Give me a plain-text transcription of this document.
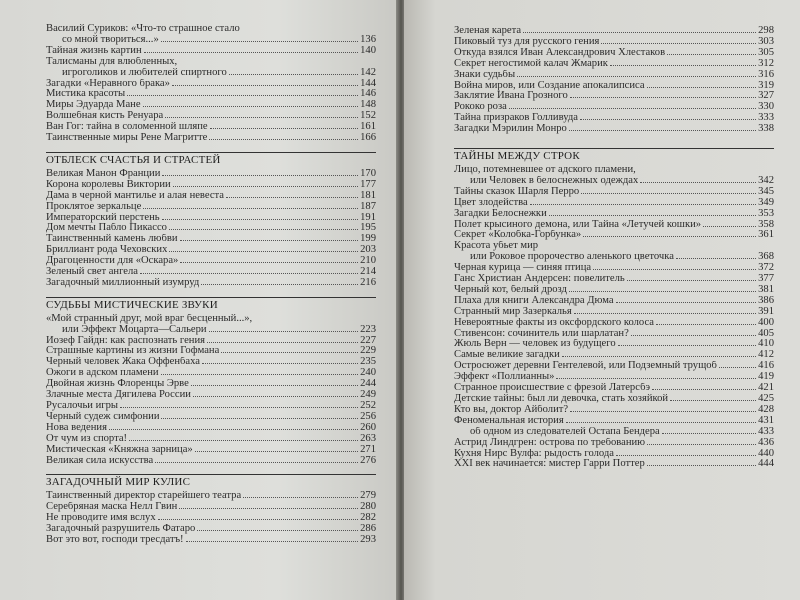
Василий Суриков: «Что-то страшное стало
со мной твориться...»	136
Тайная жизнь картин	140
Талисманы для влюбленных,
игроголиков и любителей спиртного	142
Загадки «Неравного брака»	144
Мистика красоты	146
Миры Эдуарда Мане	148
Волшебная кисть Ренуара	152
Ван Гог: тайна в соломенной шляпе	161
Таинственные миры Рене Магритте	166
ОТБЛЕСК СЧАСТЬЯ И СТРАСТЕЙ
Великая Манон Франции	170
Корона королевы Виктории	177
Дама в черной мантилье и алая невеста	181
Проклятое зеркальце	187
Императорский перстень	191
Дом мечты Пабло Пикассо	195
Таинственный камень любви	199
Бриллиант рода Чеховских	203
Драгоценности для «Оскара»	210
Зеленый свет ангела	214
Загадочный миллионный изумруд	216
СУДЬБЫ МИСТИЧЕСКИЕ ЗВУКИ
«Мой странный друг, мой враг бесценный...»,
или Эффект Моцарта—Сальери	223
Йозеф Гайдн: как распознать гения	227
Страшные картины из жизни Гофмана	229
Черный человек Жака Оффенбаха	235
Ожоги в адском пламени	240
Двойная жизнь Флоренцы Эрве	244
Злачные места Дягилева России	249
Русалочьи игры	252
Черный судеж симфонии	256
Нова ведения	260
От чум из спорта!	263
Мистическая «Княжна зарница»	271
Великая сила искусства	276
ЗАГАДОЧНЫЙ МИР КУЛИС
Таинственный директор старейшего театра	279
Серебряная маска Нелл Гвин	280
Не проводите имя вслух	282
Загадочный разрушитель Фатаро	286
Вот это вот, господи тресдатъ!	293
Зеленая карета	298
Пиковый туз для русского гения	303
Откуда взялся Иван Александрович Хлестаков	305
Секрет негостимой калач Жмарик	312
Знаки судьбы	316
Война миров, или Создание апокалипсиса	319
Заклятие Ивана Грозного	327
Рококо роза	330
Тайна призраков Голливуда	333
Загадки Мэрилин Монро	338
ТАЙНЫ МЕЖДУ СТРОК
Лицо, потемневшее от адского пламени,
или Человек в белоснежных одеждах	342
Тайны сказок Шарля Перро	345
Цвет злодейства	349
Загадки Белоснежки	353
Полет крысиного демона, или Тайна «Летучей кошки»	358
Секрет «Колобка-Горбунка»	361
Красота убьет мир
или Роковое пророчество аленького цветочка	368
Черная курица — синяя птица	372
Ганс Христиан Андерсен: повелитель	377
Черный кот, белый дрозд	381
Плаха для книги Александра Дюма	386
Странный мир Зазеркалья	391
Невероятные факты из оксфордского колоса	400
Стивенсон: сочинитель или шарлатан?	405
Жюль Верн — человек из будущего	410
Самые великие загадки	412
Остросюжет деревни Гентелевой, или Подземный трущоб	416
Эффект «Поллианны»	419
Странное происшествие с фрезой Латерсбэ	421
Детские тайны: был ли девочка, стать хозяйкой	425
Кто вы, доктор Айболит?	428
Феноменальная история	431
об одном из следователей Остапа Бендера	433
Астрид Линдгрен: острова по требованию	436
Кухня Нирс Вулфа: рыдость голода	440
XXI век начинается: мистер Гарри Поттер	444
